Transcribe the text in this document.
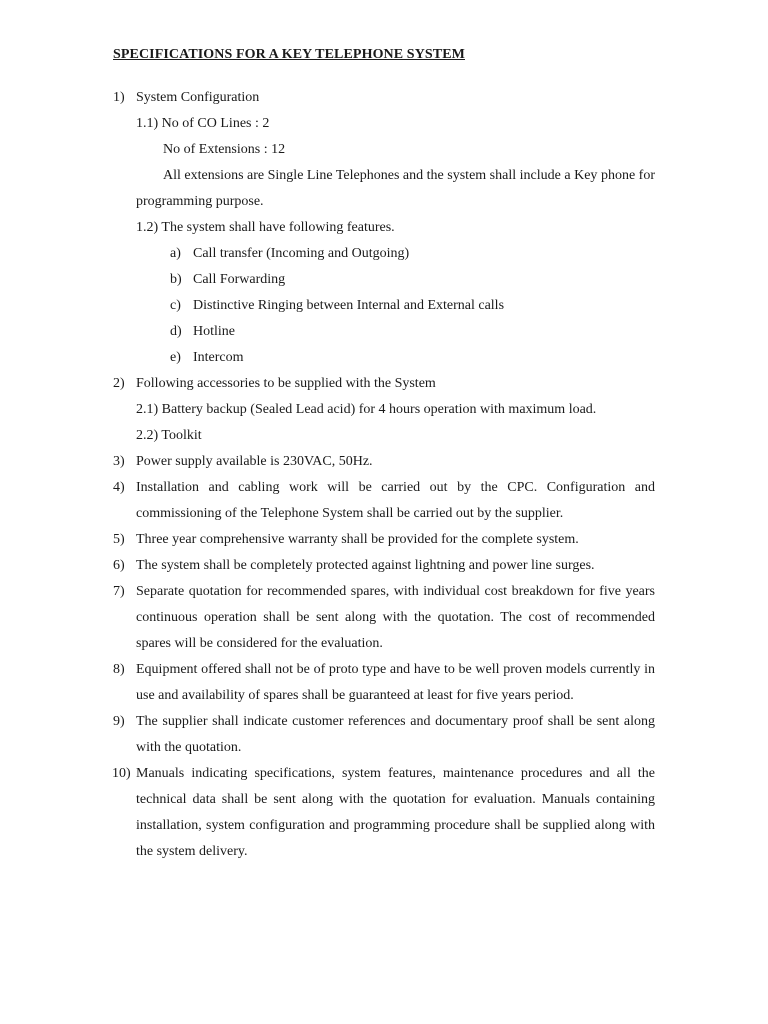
SPECIFICATIONS FOR A KEY TELEPHONE SYSTEM
1) System Configuration
1.1) No of CO Lines : 2
No of Extensions : 12
All extensions are Single Line Telephones and the system shall include a Key phone for programming purpose.
1.2) The system shall have following features.
a) Call transfer (Incoming and Outgoing)
b) Call Forwarding
c) Distinctive Ringing between Internal and External calls
d) Hotline
e) Intercom
2) Following accessories to be supplied with the System
2.1) Battery backup (Sealed Lead acid) for 4 hours operation with maximum load.
2.2) Toolkit
3) Power supply available is 230VAC, 50Hz.
4) Installation and cabling work will be carried out by the CPC. Configuration and commissioning of the Telephone System shall be carried out by the supplier.
5) Three year comprehensive warranty shall be provided for the complete system.
6) The system shall be completely protected against lightning and power line surges.
7) Separate quotation for recommended spares, with individual cost breakdown for five years continuous operation shall be sent along with the quotation. The cost of recommended spares will be considered for the evaluation.
8) Equipment offered shall not be of proto type and have to be well proven models currently in use and availability of spares shall be guaranteed at least for five years period.
9) The supplier shall indicate customer references and documentary proof shall be sent along with the quotation.
10) Manuals indicating specifications, system features, maintenance procedures and all the technical data shall be sent along with the quotation for evaluation. Manuals containing installation, system configuration and programming procedure shall be supplied along with the system delivery.
